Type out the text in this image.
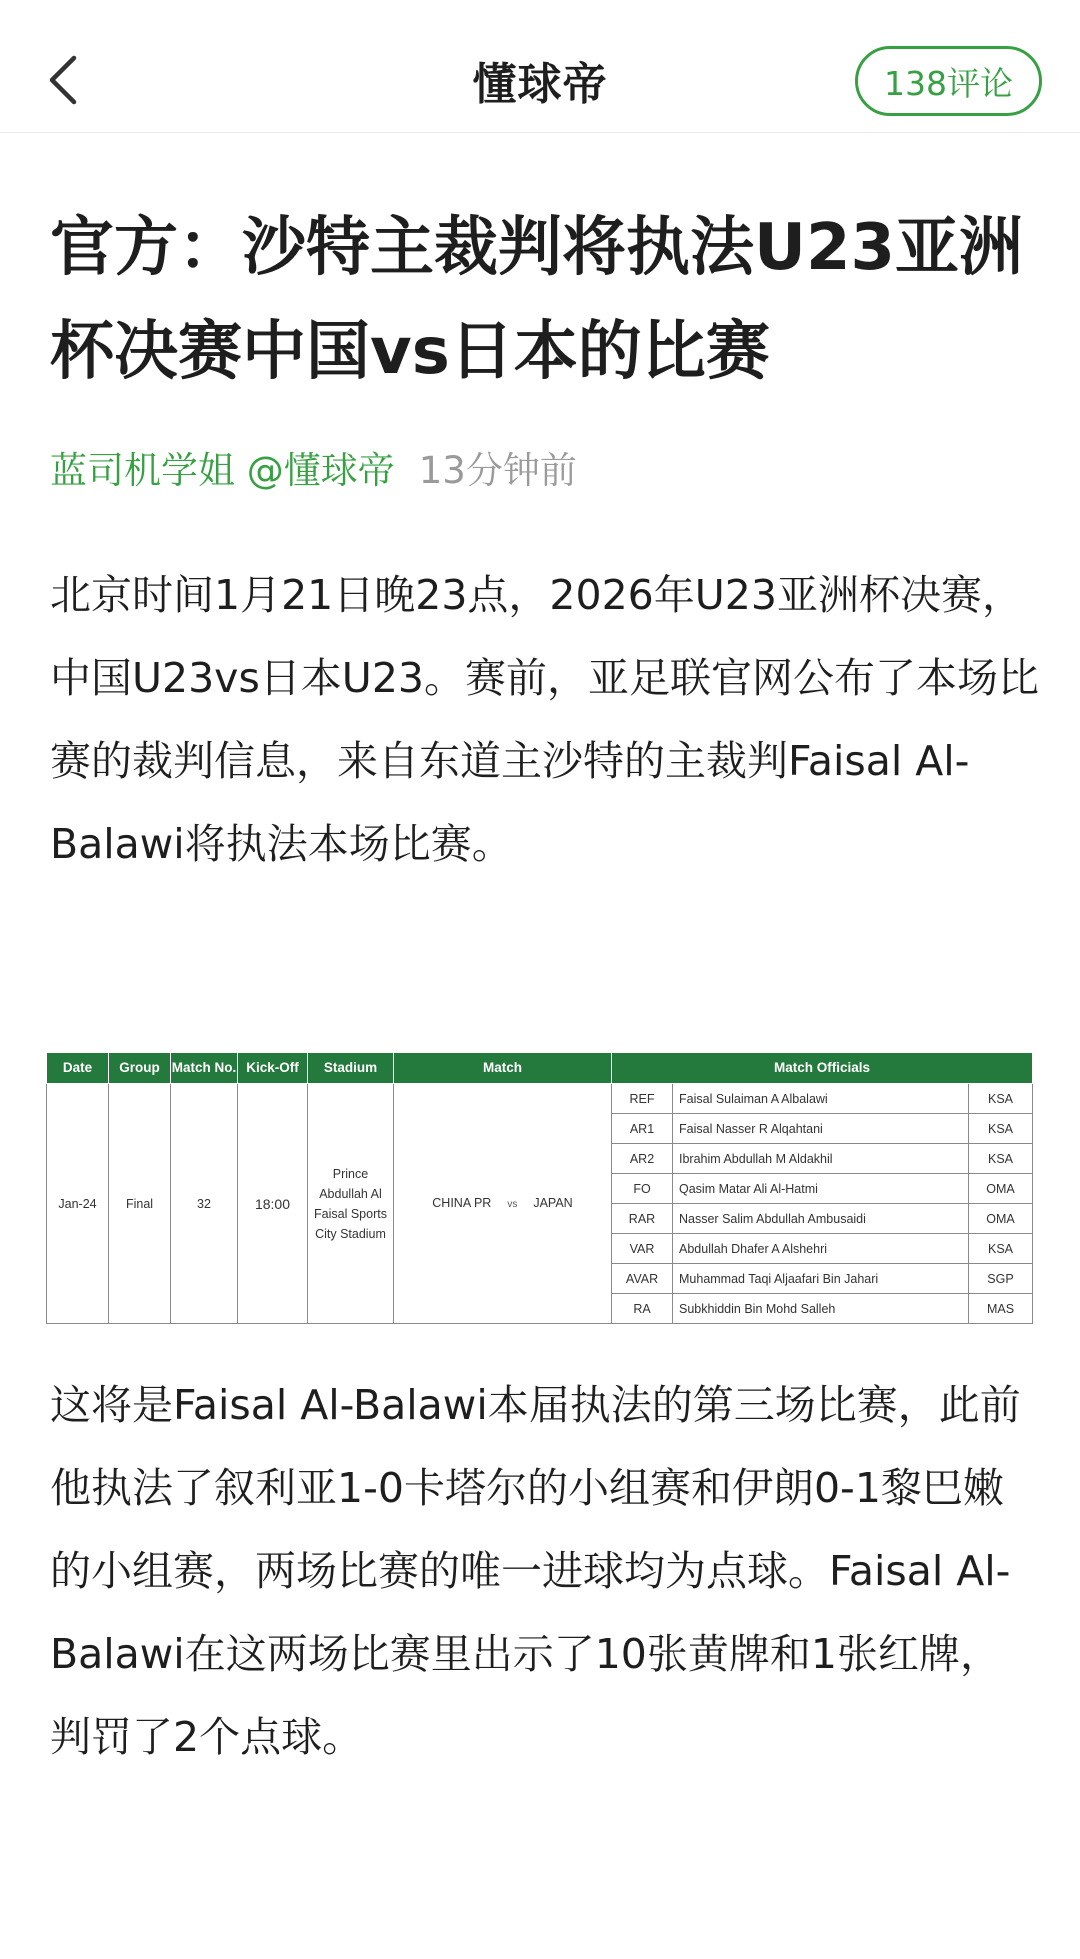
懂球帝	138评论
官方：沙特主裁判将执法U23亚洲杯决赛中国vs日本的比赛
蓝司机学姐 @懂球帝 13分钟前

北京时间1月21日晚23点，2026年U23亚洲杯决赛，中国U23vs日本U23。赛前，亚足联官网公布了本场比赛的裁判信息，来自东道主沙特的主裁判Faisal Al-Balawi将执法本场比赛。

Date	Group	Match No.	Kick-Off	Stadium	Match	Match Officials		
Jan-24	Final	32	18:00	Prince Abdullah Al Faisal Sports City Stadium	CHINA PR vs JAPAN	REF	Faisal Sulaiman A Albalawi	KSA
						AR1	Faisal Nasser R Alqahtani	KSA
						AR2	Ibrahim Abdullah M Aldakhil	KSA
						FO	Qasim Matar Ali Al-Hatmi	OMA
						RAR	Nasser Salim Abdullah Ambusaidi	OMA
						VAR	Abdullah Dhafer A Alshehri	KSA
						AVAR	Muhammad Taqi Aljaafari Bin Jahari	SGP
						RA	Subkhiddin Bin Mohd Salleh	MAS

这将是Faisal Al-Balawi本届执法的第三场比赛，此前他执法了叙利亚1-0卡塔尔的小组赛和伊朗0-1黎巴嫩的小组赛，两场比赛的唯一进球均为点球。Faisal Al-Balawi在这两场比赛里出示了10张黄牌和1张红牌，判罚了2个点球。
